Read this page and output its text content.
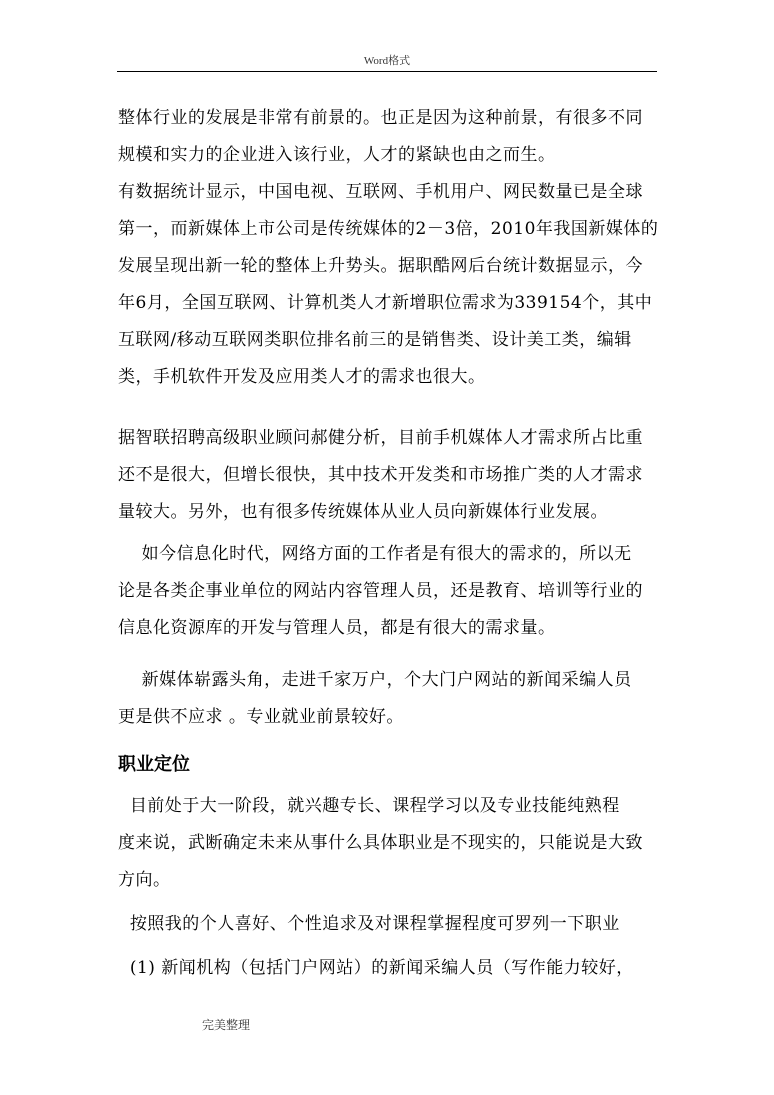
Word格式

整体行业的发展是非常有前景的。也正是因为这种前景，有很多不同
规模和实力的企业进入该行业，人才的紧缺也由之而生。

有数据统计显示，中国电视、互联网、手机用户、网民数量已是全球
第一，而新媒体上市公司是传统媒体的2－3倍，2010年我国新媒体的
发展呈现出新一轮的整体上升势头。据职酷网后台统计数据显示，今
年6月，全国互联网、计算机类人才新增职位需求为339154个，其中
互联网/移动互联网类职位排名前三的是销售类、设计美工类，编辑
类，手机软件开发及应用类人才的需求也很大。

据智联招聘高级职业顾问郝健分析，目前手机媒体人才需求所占比重
还不是很大，但增长很快，其中技术开发类和市场推广类的人才需求
量较大。另外，也有很多传统媒体从业人员向新媒体行业发展。

如今信息化时代，网络方面的工作者是有很大的需求的，所以无
论是各类企事业单位的网站内容管理人员，还是教育、培训等行业的
信息化资源库的开发与管理人员，都是有很大的需求量。

新媒体崭露头角，走进千家万户，个大门户网站的新闻采编人员
更是供不应求 。专业就业前景较好。

职业定位

目前处于大一阶段，就兴趣专长、课程学习以及专业技能纯熟程
度来说，武断确定未来从事什么具体职业是不现实的，只能说是大致
方向。

按照我的个人喜好、个性追求及对课程掌握程度可罗列一下职业

(1) 新闻机构（包括门户网站）的新闻采编人员（写作能力较好，

完美整理
